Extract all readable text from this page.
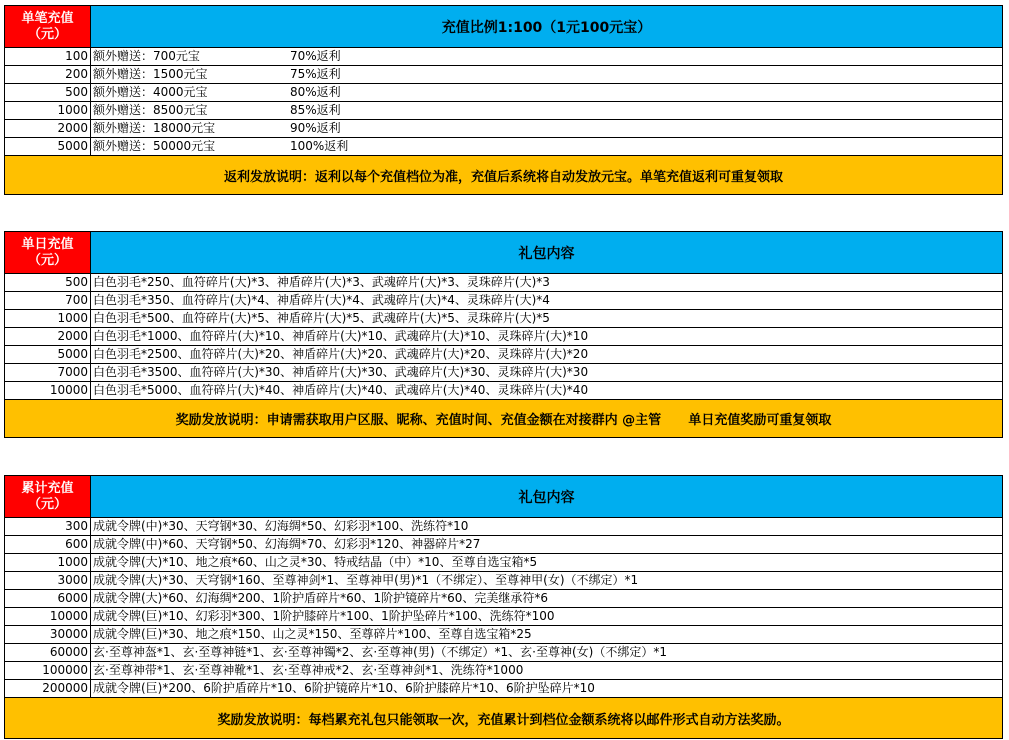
单笔充值
（元）	充值比例1:100（1元100元宝）
100 额外赠送：700元宝	70%返利
200 额外赠送：1500元宝	75%返利
500 额外赠送：4000元宝	80%返利
1000 额外赠送：8500元宝	85%返利
2000 额外赠送：18000元宝	90%返利
5000 额外赠送：50000元宝	100%返利
返利发放说明：返利以每个充值档位为准，充值后系统将自动发放元宝。单笔充值返利可重复领取
单日充值
（元）	礼包内容
500 白色羽毛*250、血符碎片(大)*3、神盾碎片(大)*3、武魂碎片(大)*3、灵珠碎片(大)*3
700 白色羽毛*350、血符碎片(大)*4、神盾碎片(大)*4、武魂碎片(大)*4、灵珠碎片(大)*4
1000 白色羽毛*500、血符碎片(大)*5、神盾碎片(大)*5、武魂碎片(大)*5、灵珠碎片(大)*5
2000 白色羽毛*1000、血符碎片(大)*10、神盾碎片(大)*10、武魂碎片(大)*10、灵珠碎片(大)*10
5000 白色羽毛*2500、血符碎片(大)*20、神盾碎片(大)*20、武魂碎片(大)*20、灵珠碎片(大)*20
7000 白色羽毛*3500、血符碎片(大)*30、神盾碎片(大)*30、武魂碎片(大)*30、灵珠碎片(大)*30
10000 白色羽毛*5000、血符碎片(大)*40、神盾碎片(大)*40、武魂碎片(大)*40、灵珠碎片(大)*40
奖励发放说明：申请需获取用户区服、昵称、充值时间、充值金额在对接群内 @主管      单日充值奖励可重复领取
累计充值
（元）	礼包内容
300 成就令牌(中)*30、天穹钢*30、幻海绸*50、幻彩羽*100、洗练符*10
600 成就令牌(中)*60、天穹钢*50、幻海绸*70、幻彩羽*120、神器碎片*27
1000 成就令牌(大)*10、地之痕*60、山之灵*30、特戒结晶（中）*10、至尊自选宝箱*5
3000 成就令牌(大)*30、天穹钢*160、至尊神剑*1、至尊神甲(男)*1（不绑定）、至尊神甲(女)（不绑定）*1
6000 成就令牌(大)*60、幻海绸*200、1阶护盾碎片*60、1阶护镜碎片*60、完美继承符*6
10000 成就令牌(巨)*10、幻彩羽*300、1阶护膝碎片*100、1阶护坠碎片*100、洗练符*100
30000 成就令牌(巨)*30、地之痕*150、山之灵*150、至尊碎片*100、至尊自选宝箱*25
60000 玄·至尊神盔*1、玄·至尊神链*1、玄·至尊神镯*2、玄·至尊神(男)（不绑定）*1、玄·至尊神(女)（不绑定）*1
100000 玄·至尊神带*1、玄·至尊神靴*1、玄·至尊神戒*2、玄·至尊神剑*1、洗练符*1000
200000 成就令牌(巨)*200、6阶护盾碎片*10、6阶护镜碎片*10、6阶护膝碎片*10、6阶护坠碎片*10
奖励发放说明：每档累充礼包只能领取一次，充值累计到档位金额系统将以邮件形式自动方法奖励。
